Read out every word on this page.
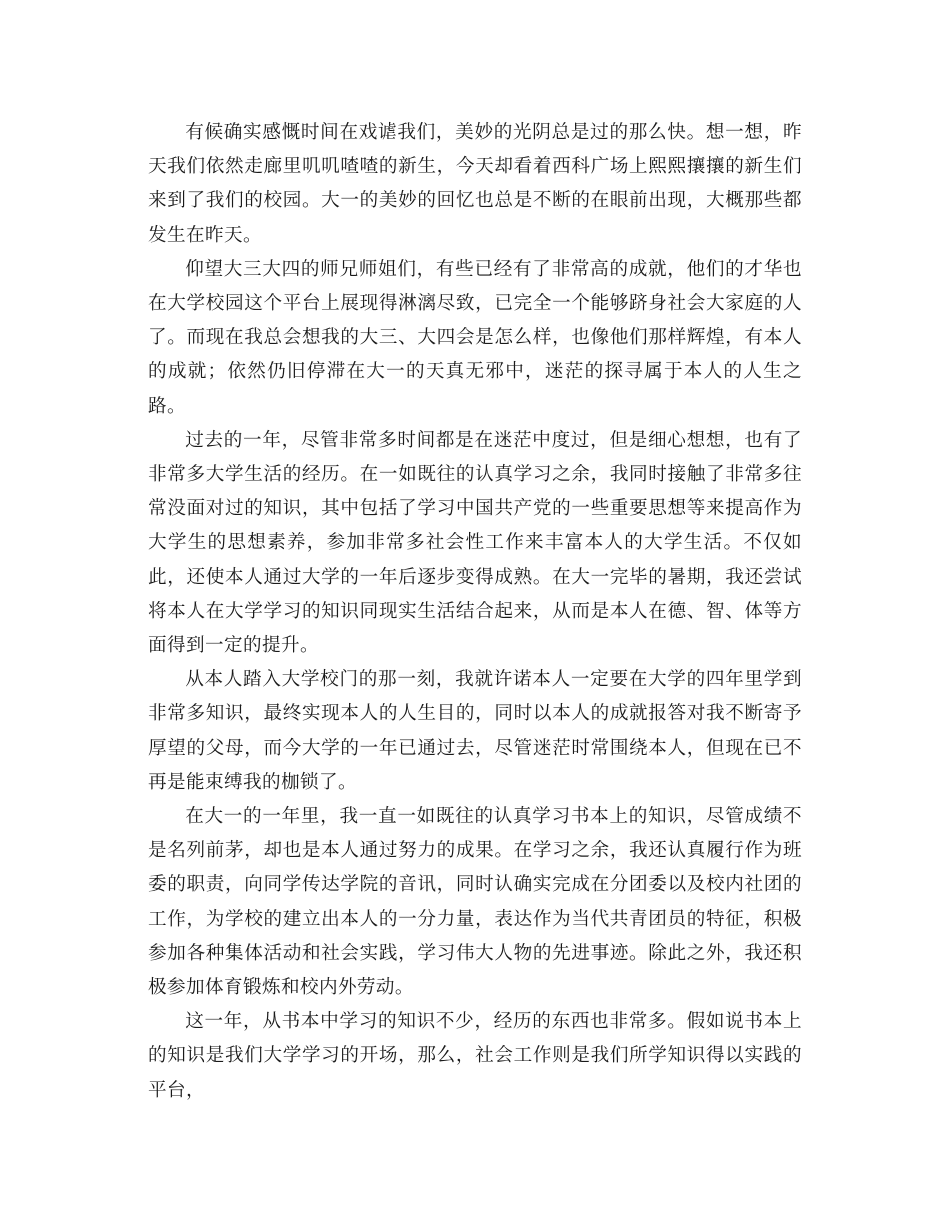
有候确实感慨时间在戏谑我们，美妙的光阴总是过的那么快。想一想，昨天我们依然走廊里叽叽喳喳的新生，今天却看着西科广场上熙熙攘攘的新生们来到了我们的校园。大一的美妙的回忆也总是不断的在眼前出现，大概那些都发生在昨天。

仰望大三大四的师兄师姐们，有些已经有了非常高的成就，他们的才华也在大学校园这个平台上展现得淋漓尽致，已完全一个能够跻身社会大家庭的人了。而现在我总会想我的大三、大四会是怎么样，也像他们那样辉煌，有本人的成就；依然仍旧停滞在大一的天真无邪中，迷茫的探寻属于本人的人生之路。

过去的一年，尽管非常多时间都是在迷茫中度过，但是细心想想，也有了非常多大学生活的经历。在一如既往的认真学习之余，我同时接触了非常多往常没面对过的知识，其中包括了学习中国共产党的一些重要思想等来提高作为大学生的思想素养，参加非常多社会性工作来丰富本人的大学生活。不仅如此，还使本人通过大学的一年后逐步变得成熟。在大一完毕的暑期，我还尝试将本人在大学学习的知识同现实生活结合起来，从而是本人在德、智、体等方面得到一定的提升。

从本人踏入大学校门的那一刻，我就许诺本人一定要在大学的四年里学到非常多知识，最终实现本人的人生目的，同时以本人的成就报答对我不断寄予厚望的父母，而今大学的一年已通过去，尽管迷茫时常围绕本人，但现在已不再是能束缚我的枷锁了。

在大一的一年里，我一直一如既往的认真学习书本上的知识，尽管成绩不是名列前茅，却也是本人通过努力的成果。在学习之余，我还认真履行作为班委的职责，向同学传达学院的音讯，同时认确实完成在分团委以及校内社团的工作，为学校的建立出本人的一分力量，表达作为当代共青团员的特征，积极参加各种集体活动和社会实践，学习伟大人物的先进事迹。除此之外，我还积极参加体育锻炼和校内外劳动。

这一年，从书本中学习的知识不少，经历的东西也非常多。假如说书本上的知识是我们大学学习的开场，那么，社会工作则是我们所学知识得以实践的平台，
